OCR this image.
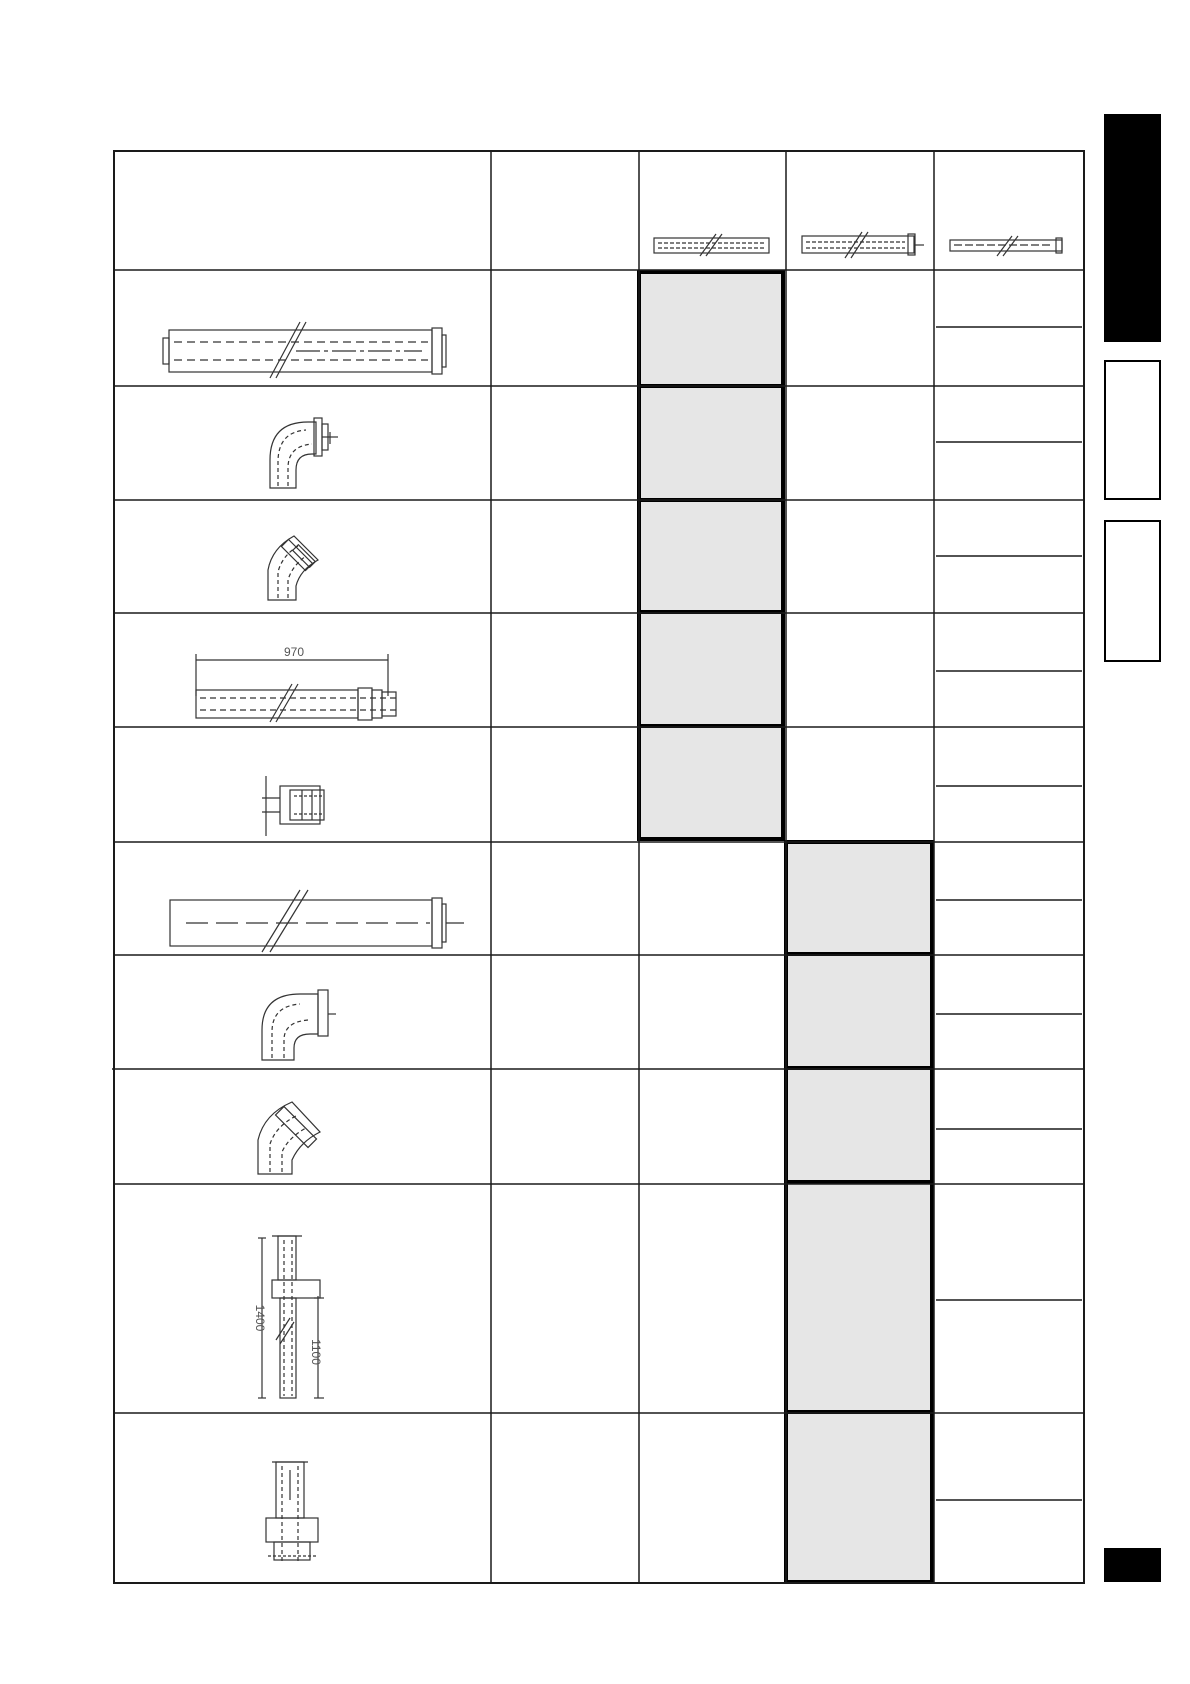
970
1400
1100
